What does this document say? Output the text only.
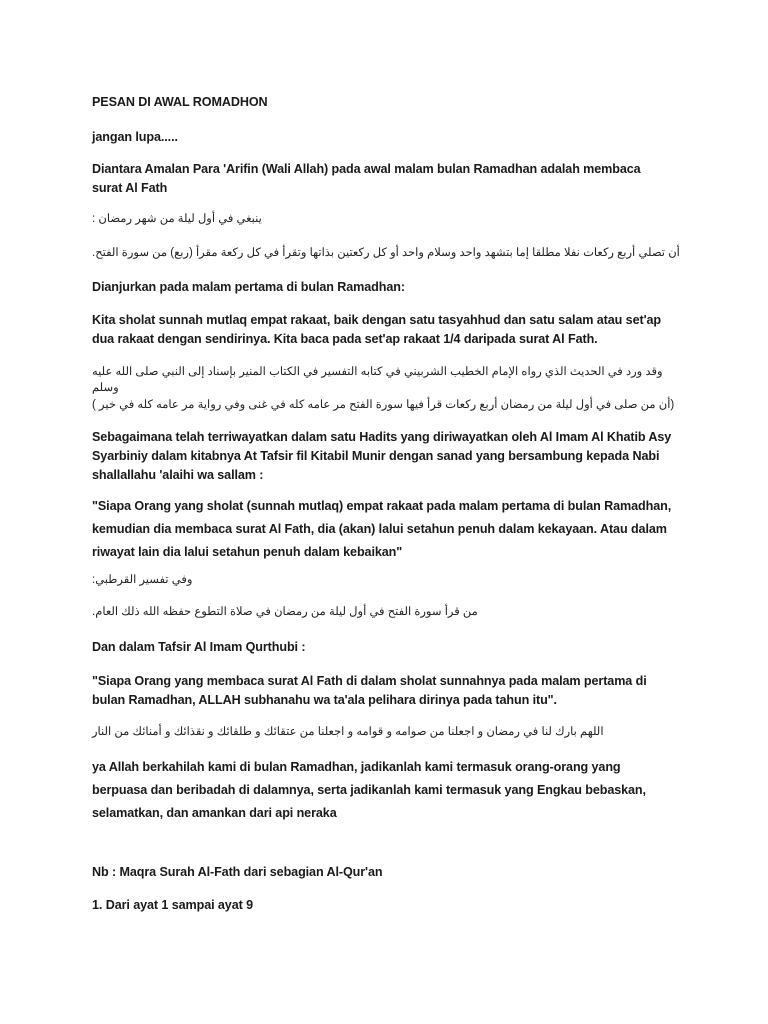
PESAN DI AWAL ROMADHON

jangan lupa.....

Diantara Amalan Para 'Arifin (Wali Allah) pada awal malam bulan Ramadhan adalah membaca surat Al Fath

ينبغي في أول ليلة من شهر رمضان :

أن تصلي أربع ركعات نفلا مطلقا إما بتشهد واحد وسلام واحد أو كل ركعتين بذاتها وتقرأ في كل ركعة مقرأ (ربع) من سورة الفتح.

Dianjurkan pada malam pertama di bulan Ramadhan:

Kita sholat sunnah mutlaq empat rakaat, baik dengan satu tasyahhud dan satu salam atau set'ap dua rakaat dengan sendirinya. Kita baca pada set'ap rakaat 1/4 daripada surat Al Fath.

وقد ورد في الحديث الذي رواه الإمام الخطيب الشربيني في كتابه التفسير في الكتاب المنير بإسناد إلى النبي صلى الله عليه وسلم

(أن من صلى في أول ليلة من رمضان أربع ركعات قرأ فيها سورة الفتح مر عامه كله في غنى وفي رواية مر عامه كله في خير )

Sebagaimana telah terriwayatkan dalam satu Hadits yang diriwayatkan oleh Al Imam Al Khatib Asy Syarbiniy dalam kitabnya At Tafsir fil Kitabil Munir dengan sanad yang bersambung kepada Nabi shallallahu 'alaihi wa sallam :

"Siapa Orang yang sholat (sunnah mutlaq) empat rakaat pada malam pertama di bulan Ramadhan, kemudian dia membaca surat Al Fath, dia (akan) lalui setahun penuh dalam kekayaan. Atau dalam riwayat lain dia lalui setahun penuh dalam kebaikan"

وفي تفسير القرطبي:

من قرأ سورة الفتح في أول ليلة من رمضان في صلاة التطوع حفظه الله ذلك العام.

Dan dalam Tafsir Al Imam Qurthubi :

"Siapa Orang yang membaca surat Al Fath di dalam sholat sunnahnya pada malam pertama di bulan Ramadhan, ALLAH subhanahu wa ta'ala pelihara dirinya pada tahun itu".

اللهم بارك لنا في رمضان و اجعلنا من صوامه و قوامه و اجعلنا من عتقائك و طلقائك و نقذائك و أمنائك من النار

ya Allah berkahilah kami di bulan Ramadhan, jadikanlah kami termasuk orang-orang yang berpuasa dan beribadah di dalamnya, serta jadikanlah kami termasuk yang Engkau bebaskan, selamatkan, dan amankan dari api neraka

Nb : Maqra Surah Al-Fath dari sebagian Al-Qur'an

1. Dari ayat 1 sampai ayat 9
